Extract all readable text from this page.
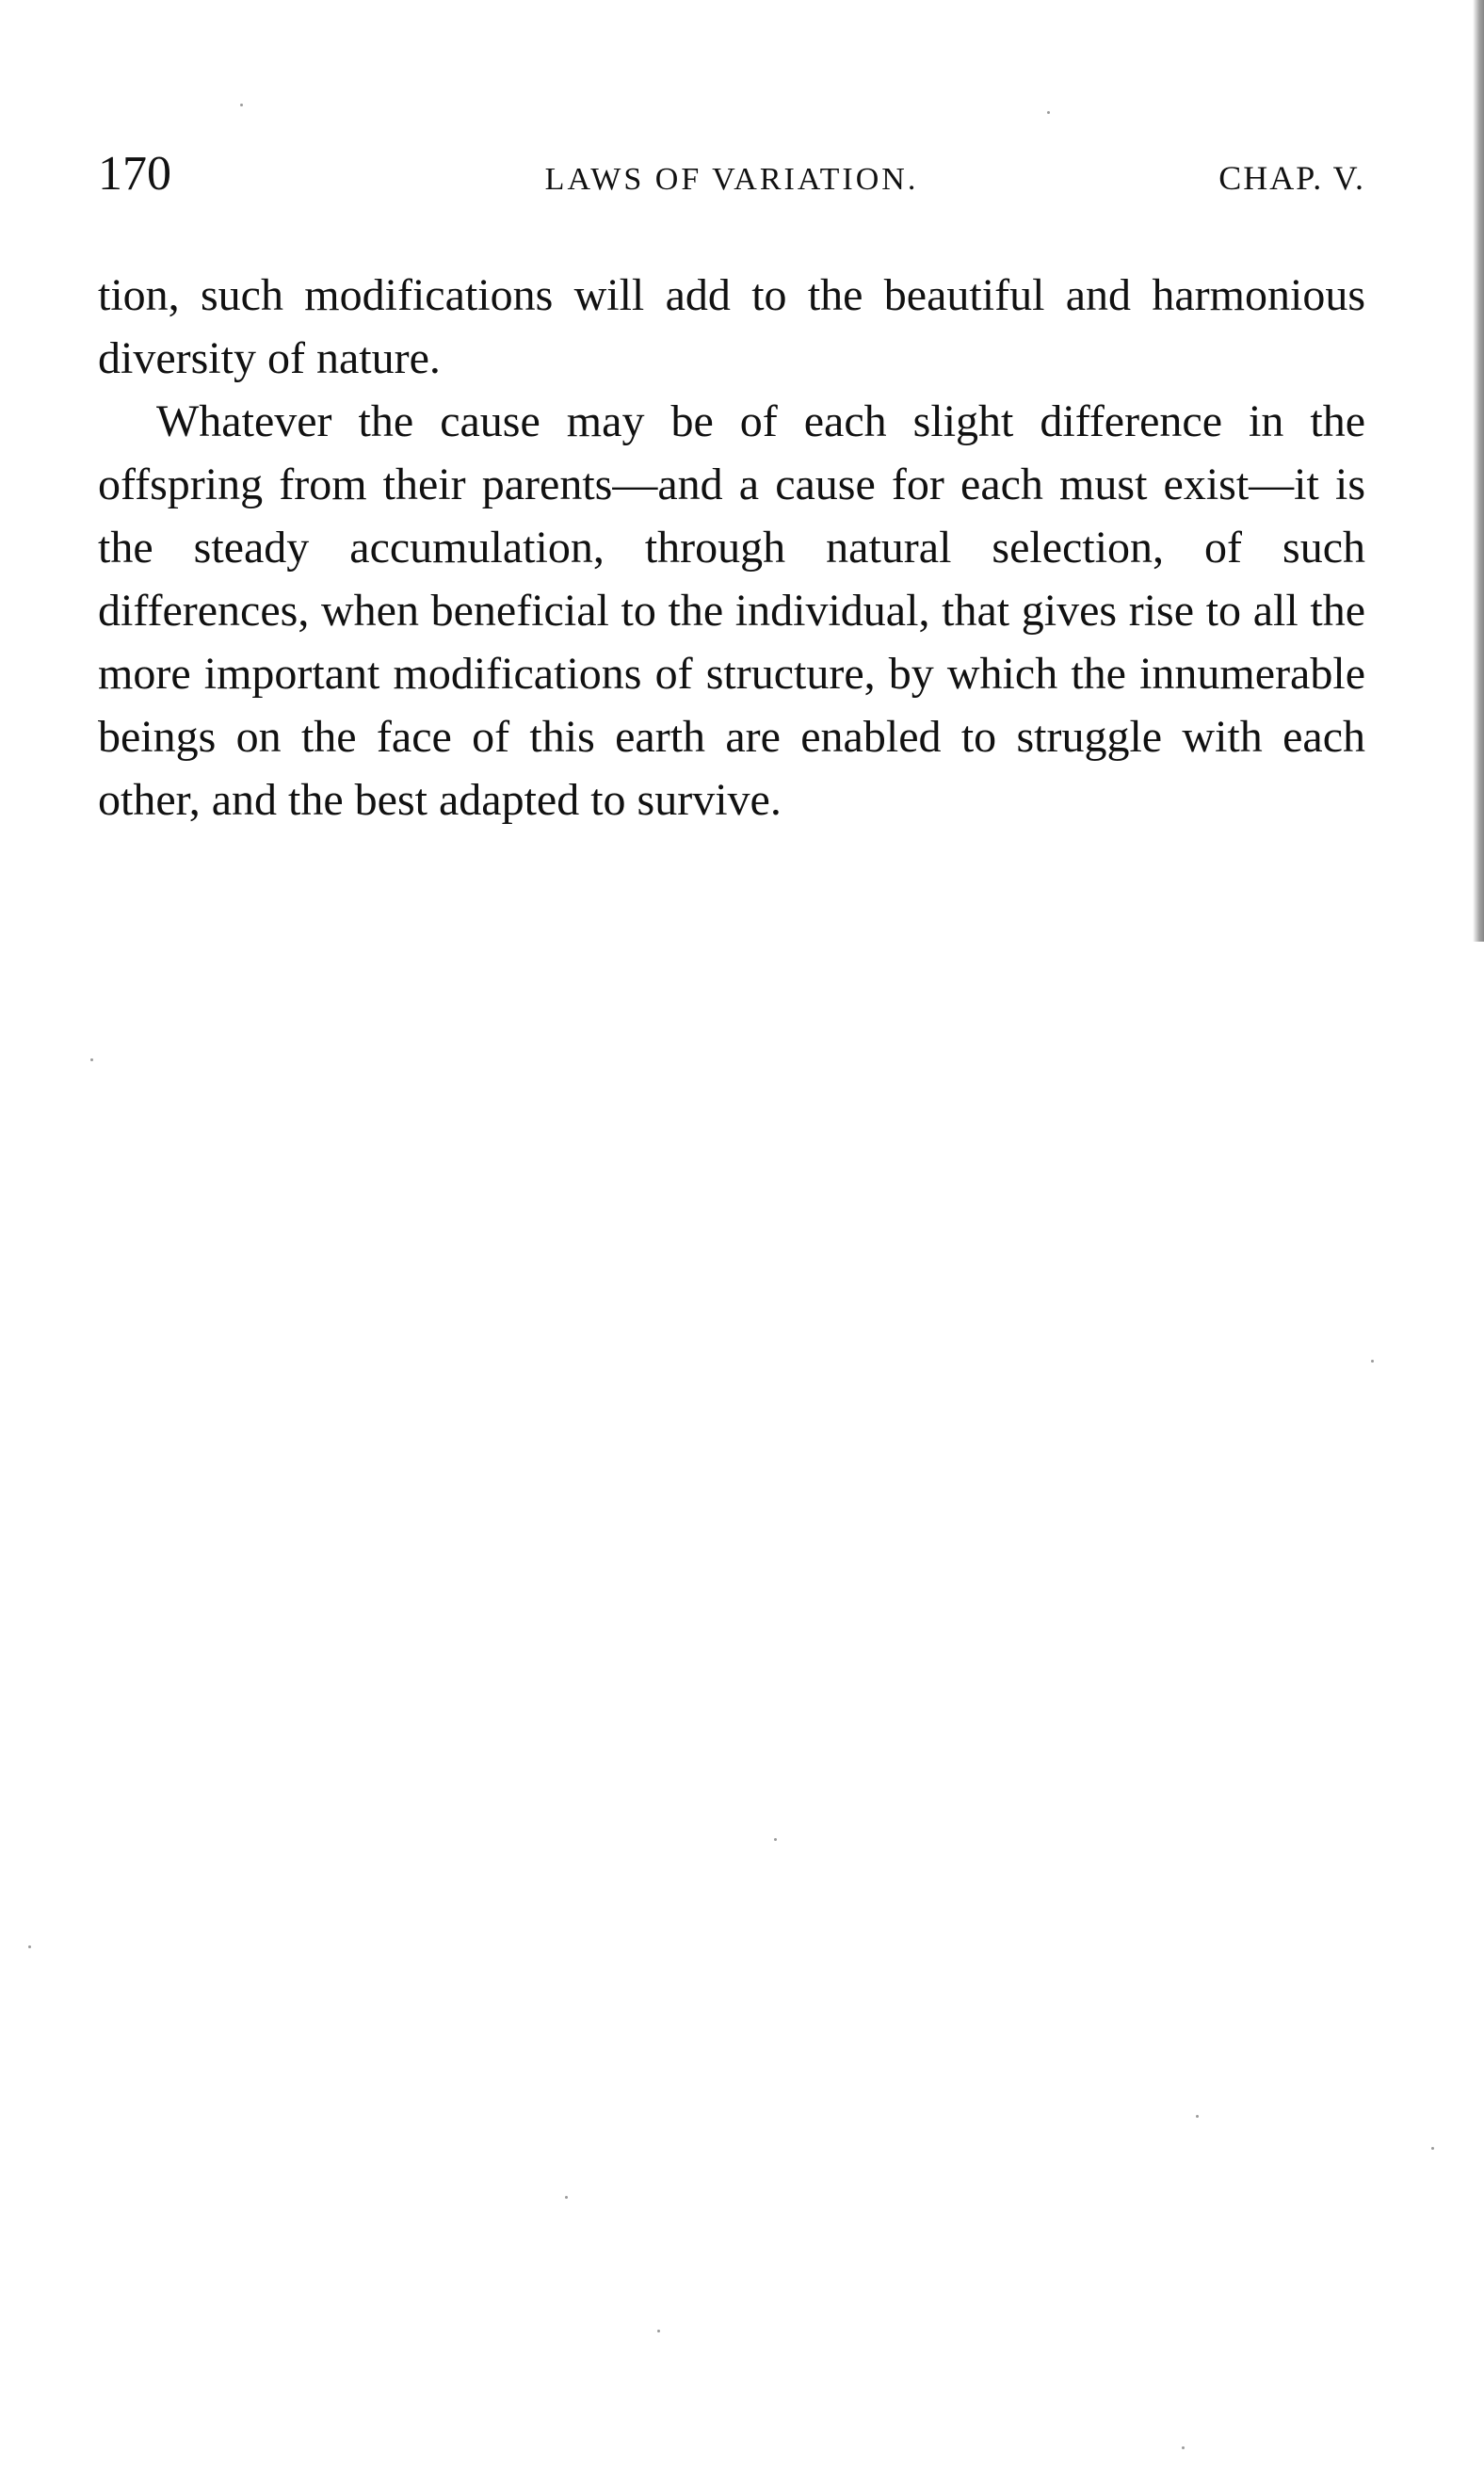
170	LAWS OF VARIATION.	CHAP. V.

tion, such modifications will add to the beautiful and harmonious diversity of nature.

Whatever the cause may be of each slight difference in the offspring from their parents—and a cause for each must exist—it is the steady accumulation, through natural selection, of such differences, when beneficial to the individual, that gives rise to all the more important modifications of structure, by which the innumerable beings on the face of this earth are enabled to struggle with each other, and the best adapted to survive.
